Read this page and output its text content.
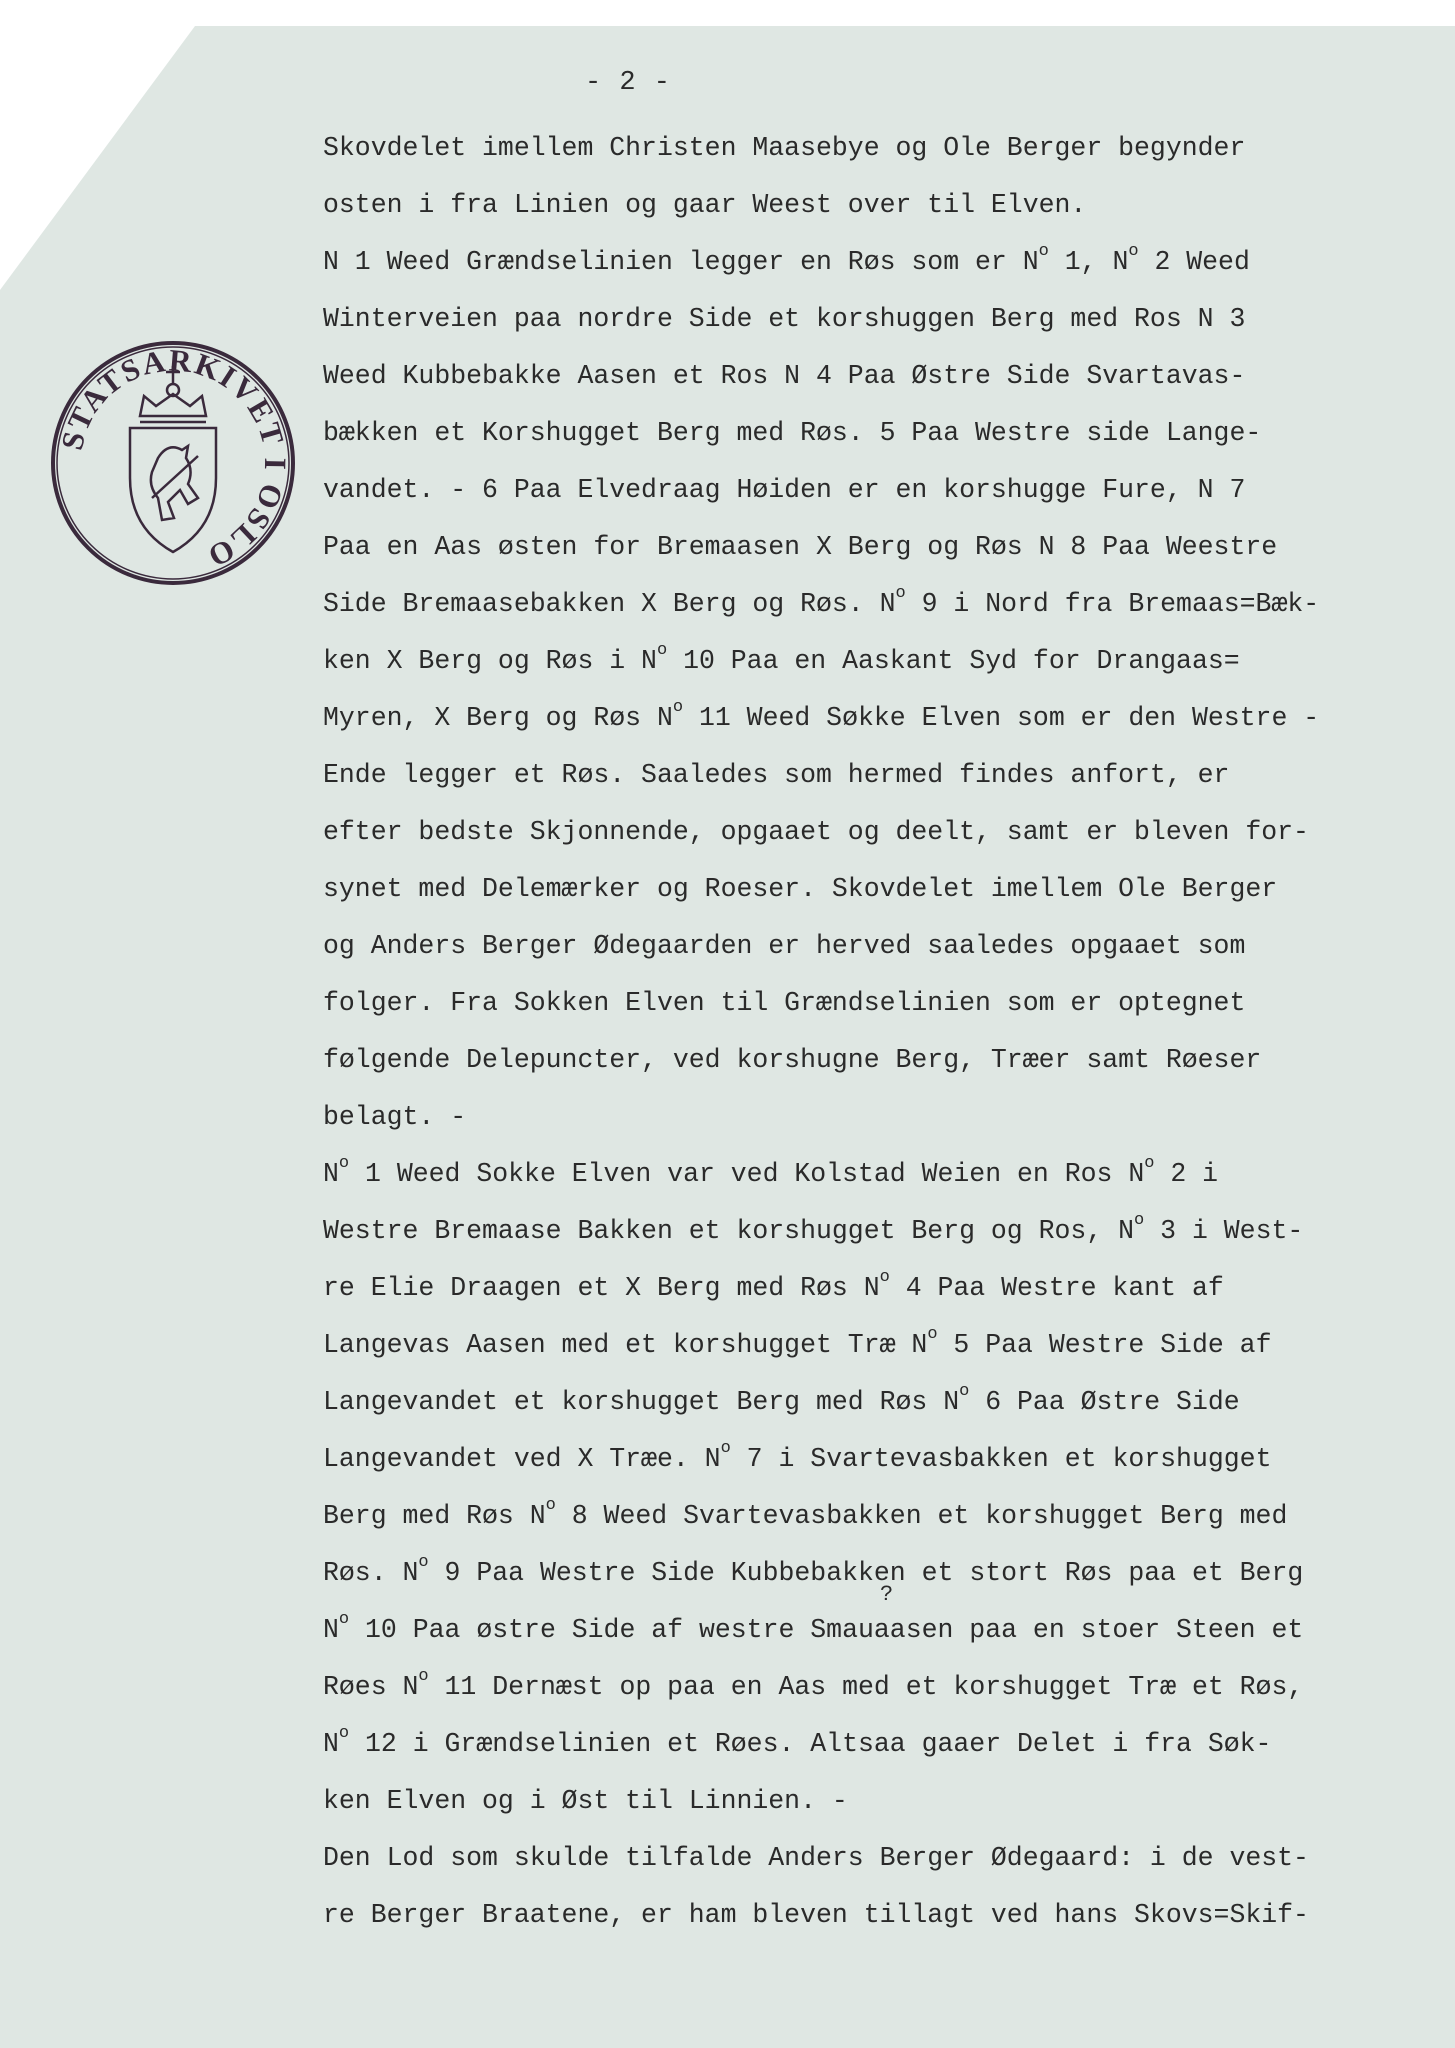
- 2 -
STATSARKIVET I OSLO
Skovdelet imellem Christen Maasebye og Ole Berger begynder
osten i fra Linien og gaar Weest over til Elven.
N 1 Weed Grændselinien legger en Røs som er $N^o$ 1, $N^o$ 2 Weed
Winterveien paa nordre Side et korshuggen Berg med Ros N 3
Weed Kubbebakke Aasen et Ros N 4 Paa Østre Side Svartavas-
bækken et Korshugget Berg med Røs. 5 Paa Westre side Lange-
vandet. - 6 Paa Elvedraag Høiden er en korshugge Fure, N 7
Paa en Aas østen for Bremaasen X Berg og Røs N 8 Paa Weestre
Side Bremaasebakken X Berg og Røs. $N^o$ 9 i Nord fra Bremaas=Bæk-
ken X Berg og Røs i $N^o$ 10 Paa en Aaskant Syd for Drangaas=
Myren, X Berg og Røs $N^o$ 11 Weed Søkke Elven som er den Westre -
Ende legger et Røs. Saaledes som hermed findes anfort, er
efter bedste Skjonnende, opgaaet og deelt, samt er bleven for-
synet med Delemærker og Roeser. Skovdelet imellem Ole Berger
og Anders Berger Ødegaarden er herved saaledes opgaaet som
folger. Fra Sokken Elven til Grændselinien som er optegnet
følgende Delepuncter, ved korshugne Berg, Træer samt Røeser
belagt. -
$N^o$ 1 Weed Sokke Elven var ved Kolstad Weien en Ros $N^o$ 2 i
Westre Bremaase Bakken et korshugget Berg og Ros, $N^o$ 3 i West-
re Elie Draagen et X Berg med Røs $N^o$ 4 Paa Westre kant af
Langevas Aasen med et korshugget Træ $N^o$ 5 Paa Westre Side af
Langevandet et korshugget Berg med Røs $N^o$ 6 Paa Østre Side
Langevandet ved X Træe. $N^o$ 7 i Svartevasbakken et korshugget
Berg med Røs $N^o$ 8 Weed Svartevasbakken et korshugget Berg med
Røs. $N^o$ 9 Paa Westre Side Kubbebakken et stort Røs paa et Berg
$N^o$ 10 Paa østre Side af westre Smauaasen paa en stoer Steen et
Røes $N^o$ 11 Dernæst op paa en Aas med et korshugget Træ et Røs,
$N^o$ 12 i Grændselinien et Røes. Altsaa gaaer Delet i fra Søk-
ken Elven og i Øst til Linnien. -
Den Lod som skulde tilfalde Anders Berger Ødegaard: i de vest-
re Berger Braatene, er ham bleven tillagt ved hans Skovs=Skif-
?
